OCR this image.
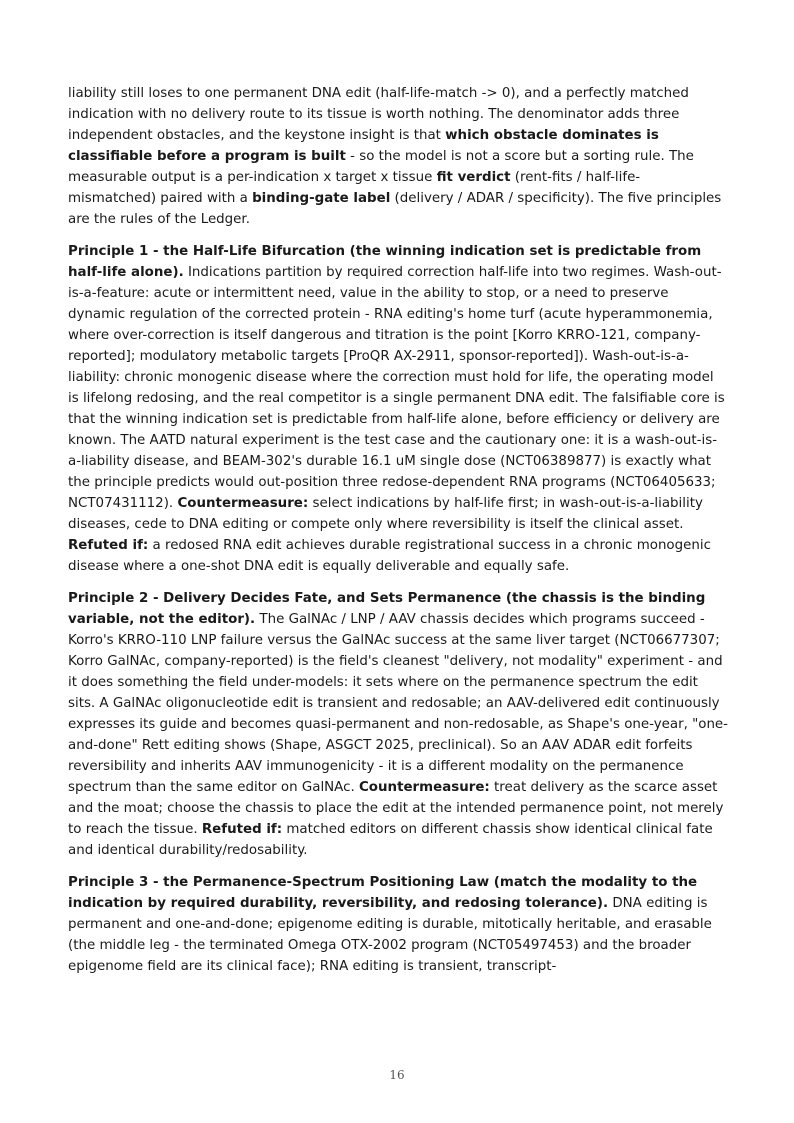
liability still loses to one permanent DNA edit (half-life-match -> 0), and a perfectly matched indication with no delivery route to its tissue is worth nothing. The denominator adds three independent obstacles, and the keystone insight is that which obstacle dominates is classifiable before a program is built - so the model is not a score but a sorting rule. The measurable output is a per-indication x target x tissue fit verdict (rent-fits / half-life-mismatched) paired with a binding-gate label (delivery / ADAR / specificity). The five principles are the rules of the Ledger.

Principle 1 - the Half-Life Bifurcation (the winning indication set is predictable from half-life alone). Indications partition by required correction half-life into two regimes. Wash-out-is-a-feature: acute or intermittent need, value in the ability to stop, or a need to preserve dynamic regulation of the corrected protein - RNA editing's home turf (acute hyperammonemia, where over-correction is itself dangerous and titration is the point [Korro KRRO-121, company-reported]; modulatory metabolic targets [ProQR AX-2911, sponsor-reported]). Wash-out-is-a-liability: chronic monogenic disease where the correction must hold for life, the operating model is lifelong redosing, and the real competitor is a single permanent DNA edit. The falsifiable core is that the winning indication set is predictable from half-life alone, before efficiency or delivery are known. The AATD natural experiment is the test case and the cautionary one: it is a wash-out-is-a-liability disease, and BEAM-302's durable 16.1 uM single dose (NCT06389877) is exactly what the principle predicts would out-position three redose-dependent RNA programs (NCT06405633; NCT07431112). Countermeasure: select indications by half-life first; in wash-out-is-a-liability diseases, cede to DNA editing or compete only where reversibility is itself the clinical asset. Refuted if: a redosed RNA edit achieves durable registrational success in a chronic monogenic disease where a one-shot DNA edit is equally deliverable and equally safe.

Principle 2 - Delivery Decides Fate, and Sets Permanence (the chassis is the binding variable, not the editor). The GalNAc / LNP / AAV chassis decides which programs succeed - Korro's KRRO-110 LNP failure versus the GalNAc success at the same liver target (NCT06677307; Korro GalNAc, company-reported) is the field's cleanest "delivery, not modality" experiment - and it does something the field under-models: it sets where on the permanence spectrum the edit sits. A GalNAc oligonucleotide edit is transient and redosable; an AAV-delivered edit continuously expresses its guide and becomes quasi-permanent and non-redosable, as Shape's one-year, "one-and-done" Rett editing shows (Shape, ASGCT 2025, preclinical). So an AAV ADAR edit forfeits reversibility and inherits AAV immunogenicity - it is a different modality on the permanence spectrum than the same editor on GalNAc. Countermeasure: treat delivery as the scarce asset and the moat; choose the chassis to place the edit at the intended permanence point, not merely to reach the tissue. Refuted if: matched editors on different chassis show identical clinical fate and identical durability/redosability.

Principle 3 - the Permanence-Spectrum Positioning Law (match the modality to the indication by required durability, reversibility, and redosing tolerance). DNA editing is permanent and one-and-done; epigenome editing is durable, mitotically heritable, and erasable (the middle leg - the terminated Omega OTX-2002 program (NCT05497453) and the broader epigenome field are its clinical face); RNA editing is transient, transcript-

16
